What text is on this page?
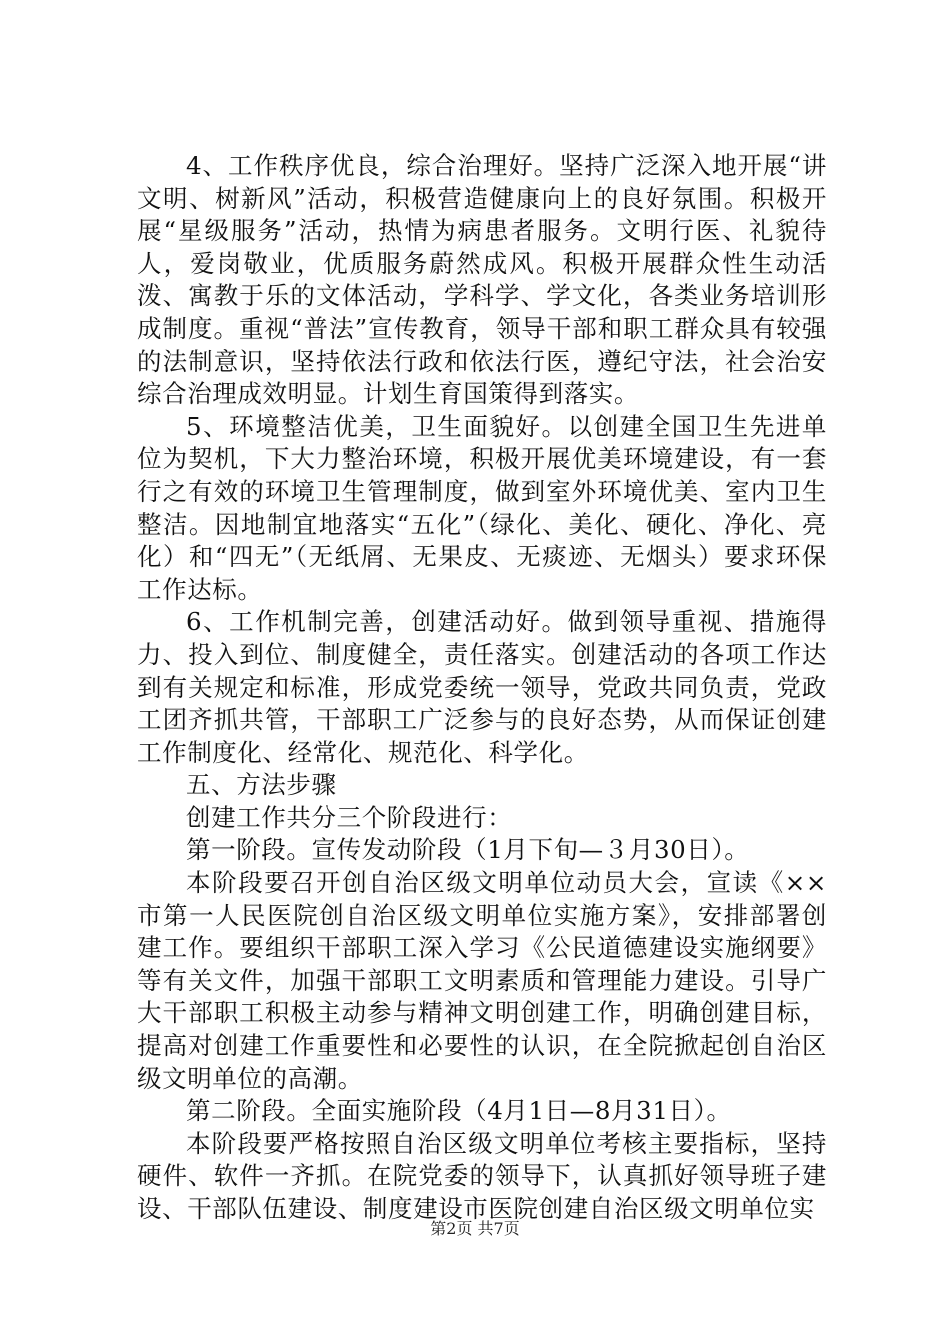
4、工作秩序优良，综合治理好。坚持广泛深入地开展“讲文明、树新风”活动，积极营造健康向上的良好氛围。积极开展“星级服务”活动，热情为病患者服务。文明行医、礼貌待人，爱岗敬业，优质服务蔚然成风。积极开展群众性生动活泼、寓教于乐的文体活动，学科学、学文化，各类业务培训形成制度。重视“普法”宣传教育，领导干部和职工群众具有较强的法制意识，坚持依法行政和依法行医，遵纪守法，社会治安综合治理成效明显。计划生育国策得到落实。

5、环境整洁优美，卫生面貌好。以创建全国卫生先进单位为契机，下大力整治环境，积极开展优美环境建设，有一套行之有效的环境卫生管理制度，做到室外环境优美、室内卫生整洁。因地制宜地落实“五化”（绿化、美化、硬化、净化、亮化）和“四无”（无纸屑、无果皮、无痰迹、无烟头）要求环保工作达标。

6、工作机制完善，创建活动好。做到领导重视、措施得力、投入到位、制度健全，责任落实。创建活动的各项工作达到有关规定和标准，形成党委统一领导，党政共同负责，党政工团齐抓共管，干部职工广泛参与的良好态势，从而保证创建工作制度化、经常化、规范化、科学化。

五、方法步骤

创建工作共分三个阶段进行：

第一阶段。宣传发动阶段（1月下旬—３月30日）。

本阶段要召开创自治区级文明单位动员大会，宣读《××市第一人民医院创自治区级文明单位实施方案》，安排部署创建工作。要组织干部职工深入学习《公民道德建设实施纲要》等有关文件，加强干部职工文明素质和管理能力建设。引导广大干部职工积极主动参与精神文明创建工作，明确创建目标，提高对创建工作重要性和必要性的认识，在全院掀起创自治区级文明单位的高潮。

第二阶段。全面实施阶段（4月1日—8月31日）。

本阶段要严格按照自治区级文明单位考核主要指标，坚持硬件、软件一齐抓。在院党委的领导下，认真抓好领导班子建设、干部队伍建设、制度建设市医院创建自治区级文明单位实

第2页 共7页
